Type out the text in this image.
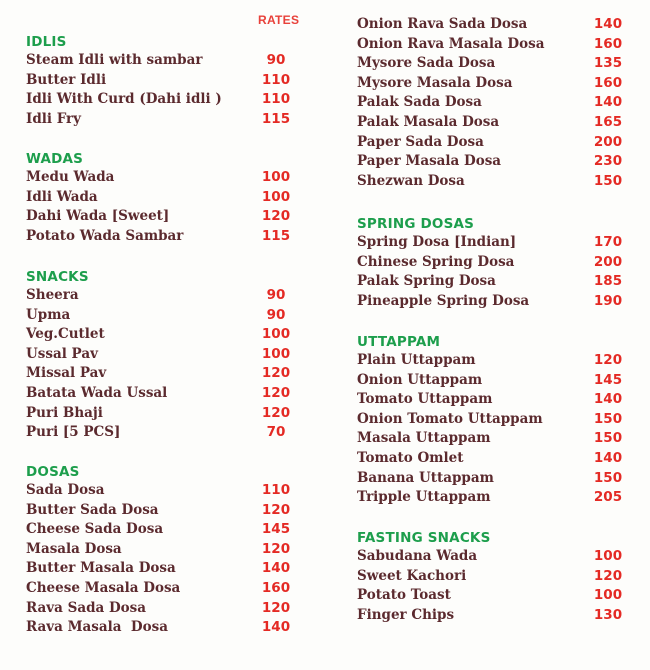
RATES
IDLIS
Steam Idli with sambar	90
Butter Idli	110
Idli With Curd (Dahi idli )	110
Idli Fry	115
WADAS
Medu Wada	100
Idli Wada	100
Dahi Wada [Sweet]	120
Potato Wada Sambar	115
SNACKS
Sheera	90
Upma	90
Veg.Cutlet	100
Ussal Pav	100
Missal Pav	120
Batata Wada Ussal	120
Puri Bhaji	120
Puri [5 PCS]	70
DOSAS
Sada Dosa	110
Butter Sada Dosa	120
Cheese Sada Dosa	145
Masala Dosa	120
Butter Masala Dosa	140
Cheese Masala Dosa	160
Rava Sada Dosa	120
Rava Masala  Dosa	140
Onion Rava Sada Dosa	140
Onion Rava Masala Dosa	160
Mysore Sada Dosa	135
Mysore Masala Dosa	160
Palak Sada Dosa	140
Palak Masala Dosa	165
Paper Sada Dosa	200
Paper Masala Dosa	230
Shezwan Dosa	150
SPRING DOSAS
Spring Dosa [Indian]	170
Chinese Spring Dosa	200
Palak Spring Dosa	185
Pineapple Spring Dosa	190
UTTAPPAM
Plain Uttappam	120
Onion Uttappam	145
Tomato Uttappam	140
Onion Tomato Uttappam	150
Masala Uttappam	150
Tomato Omlet	140
Banana Uttappam	150
Tripple Uttappam	205
FASTING SNACKS
Sabudana Wada	100
Sweet Kachori	120
Potato Toast	100
Finger Chips	130
